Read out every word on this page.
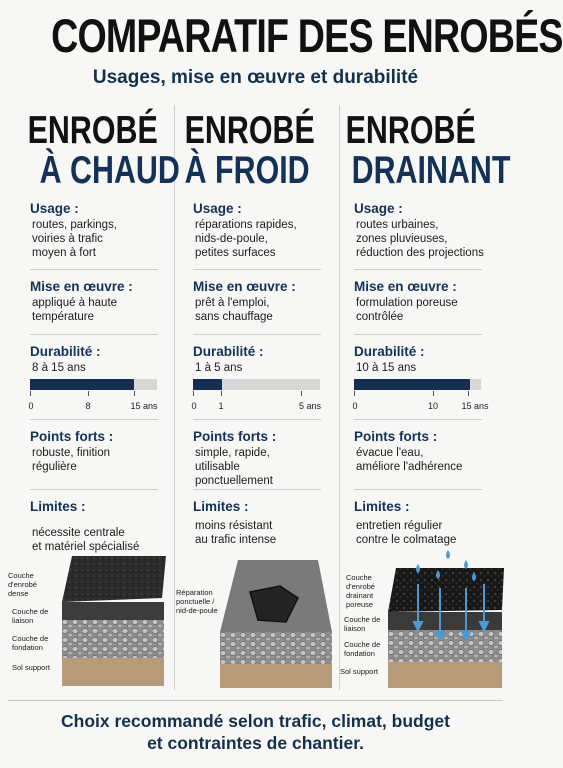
COMPARATIF DES ENROBÉS
Usages, mise en œuvre et durabilité
ENROBÉ
À CHAUD
Usage :
routes, parkings,
voiries à trafic
moyen à fort
Mise en œuvre :
appliqué à haute
température
Durabilité :
8 à 15 ans
0	8	15 ans
Points forts :
robuste, finition
régulière
Limites :
nécessite centrale
et matériel spécialisé
ENROBÉ
À FROID
Usage :
réparations rapides,
nids-de-poule,
petites surfaces
Mise en œuvre :
prêt à l'emploi,
sans chauffage
Durabilité :
1 à 5 ans
0 1	5 ans
Points forts :
simple, rapide,
utilisable
ponctuellement
Limites :
moins résistant
au trafic intense
ENROBÉ
DRAINANT
Usage :
routes urbaines,
zones pluvieuses,
réduction des projections
Mise en œuvre :
formulation poreuse
contrôlée
Durabilité :
10 à 15 ans
0	10	15 ans
Points forts :
évacue l'eau,
améliore l'adhérence
Limites :
entretien régulier
contre le colmatage
Couche
d'enrobé
dense
Couche de
liaison
Couche de
fondation
Sol support
Réparation
ponctuelle /
nid-de-poule
Couche
d'enrobé
drainant
poreuse
Couche de
liaison
Couche de
fondation
Sol support
Choix recommandé selon trafic, climat, budget
et contraintes de chantier.
